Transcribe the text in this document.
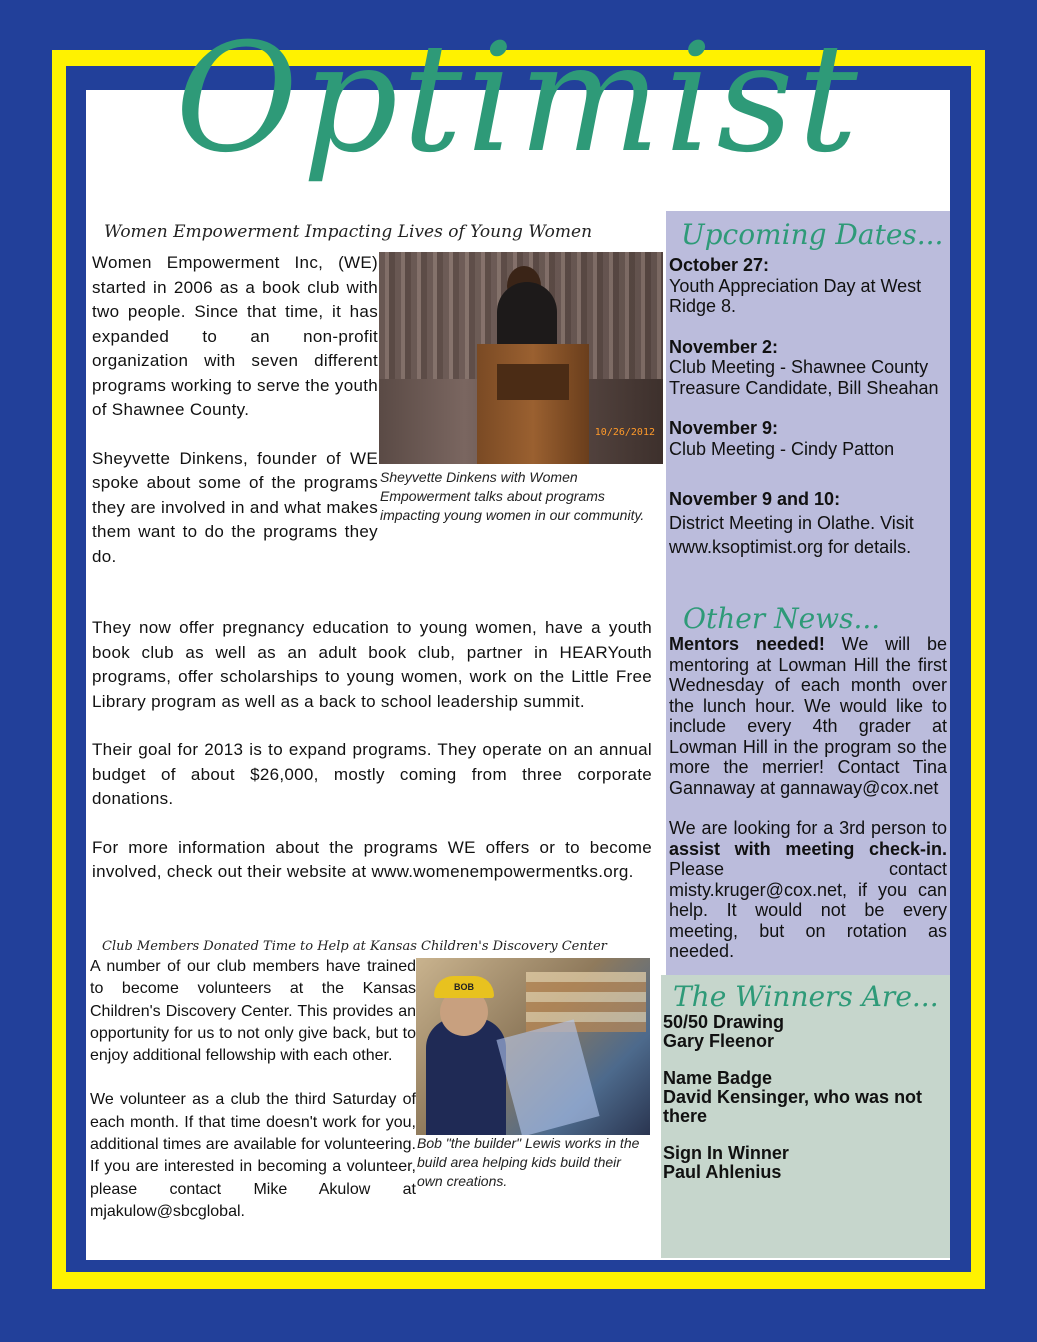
Optimist
Women Empowerment Impacting Lives of Young Women

Women Empowerment Inc, (WE) started in 2006 as a book club with two people. Since that time, it has expanded to an non-profit organization with seven different programs working to serve the youth of Shawnee County.

Sheyvette Dinkens, founder of WE spoke about some of the programs they are involved in and what makes them want to do the programs they do.

10/26/2012
Sheyvette Dinkens with Women Empowerment talks about programs impacting young women in our community.

They now offer pregnancy education to young women, have a youth book club as well as an adult book club, partner in HEARYouth programs, offer scholarships to young women, work on the Little Free Library program as well as a back to school leadership summit.

Their goal for 2013 is to expand programs. They operate on an annual budget of about $26,000, mostly coming from three corporate donations.

For more information about the programs WE offers or to become involved, check out their website at www.womenempowermentks.org.

Club Members Donated Time to Help at Kansas Children's Discovery Center

A number of our club members have trained to become volunteers at the Kansas Children's Discovery Center. This provides an opportunity for us to not only give back, but to enjoy additional fellowship with each other.

We volunteer as a club the third Saturday of each month. If that time doesn't work for you, additional times are available for volunteering. If you are interested in becoming a volunteer, please contact Mike Akulow at mjakulow@sbcglobal.

BOB
Bob "the builder" Lewis works in the build area helping kids build their own creations.
Upcoming Dates...

October 27:
Youth Appreciation Day at West Ridge 8.

November 2:
Club Meeting - Shawnee County Treasure Candidate, Bill Sheahan

November 9:
Club Meeting - Cindy Patton

November 9 and 10:
District Meeting in Olathe. Visit www.ksoptimist.org for details.

Other News...

Mentors needed! We will be mentoring at Lowman Hill the first Wednesday of each month over the lunch hour. We would like to include every 4th grader at Lowman Hill in the program so the more the merrier! Contact Tina Gannaway at gannaway@cox.net

We are looking for a 3rd person to assist with meeting check-in. Please contact misty.kruger@cox.net, if you can help. It would not be every meeting, but on rotation as needed.

The Winners Are...

50/50 Drawing
Gary Fleenor

Name Badge
David Kensinger, who was not there

Sign In Winner
Paul Ahlenius
